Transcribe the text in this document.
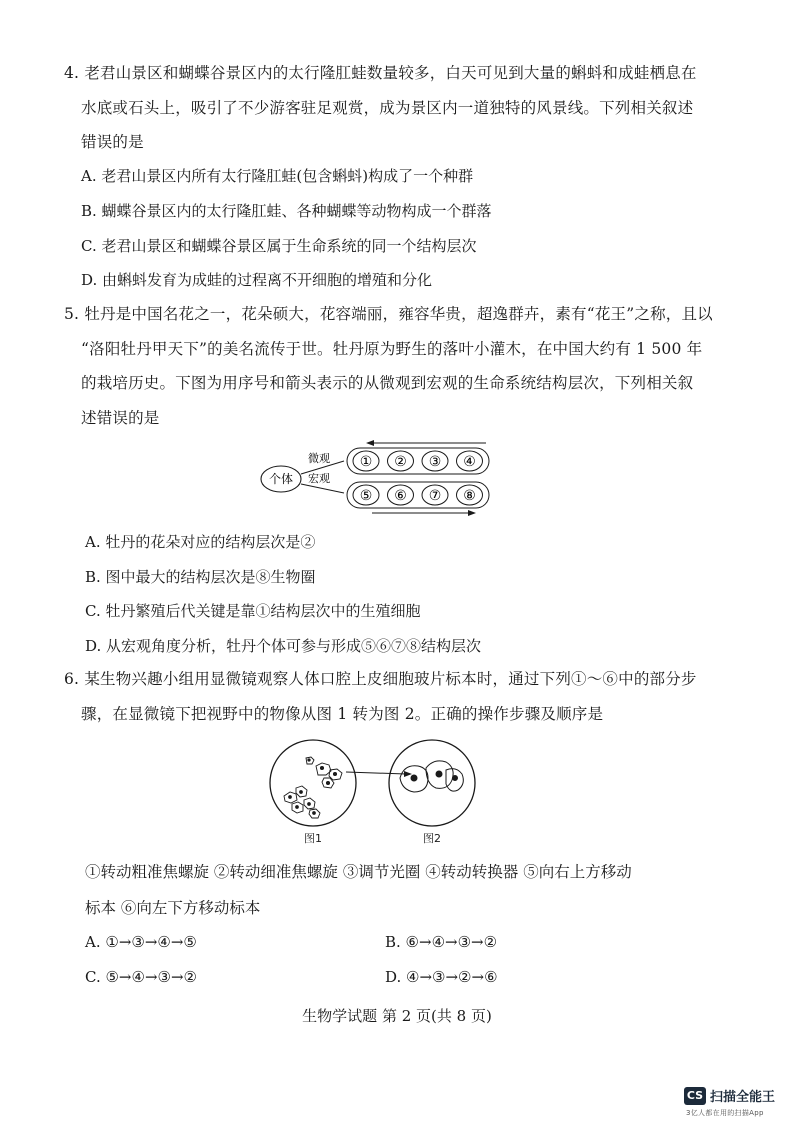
4. 老君山景区和蝴蝶谷景区内的太行隆肛蛙数量较多，白天可见到大量的蝌蚪和成蛙栖息在
水底或石头上，吸引了不少游客驻足观赏，成为景区内一道独特的风景线。下列相关叙述
错误的是
A. 老君山景区内所有太行隆肛蛙(包含蝌蚪)构成了一个种群
B. 蝴蝶谷景区内的太行隆肛蛙、各种蝴蝶等动物构成一个群落
C. 老君山景区和蝴蝶谷景区属于生命系统的同一个结构层次
D. 由蝌蚪发育为成蛙的过程离不开细胞的增殖和分化
5. 牡丹是中国名花之一，花朵硕大，花容端丽，雍容华贵，超逸群卉，素有“花王”之称，且以
“洛阳牡丹甲天下”的美名流传于世。牡丹原为野生的落叶小灌木，在中国大约有 1 500 年
的栽培历史。下图为用序号和箭头表示的从微观到宏观的生命系统结构层次，下列相关叙
述错误的是
个体
微观
宏观
① ② ③ ④
⑤ ⑥ ⑦ ⑧
A. 牡丹的花朵对应的结构层次是②
B. 图中最大的结构层次是⑧生物圈
C. 牡丹繁殖后代关键是靠①结构层次中的生殖细胞
D. 从宏观角度分析，牡丹个体可参与形成⑤⑥⑦⑧结构层次
6. 某生物兴趣小组用显微镜观察人体口腔上皮细胞玻片标本时，通过下列①～⑥中的部分步
骤，在显微镜下把视野中的物像从图 1 转为图 2。正确的操作步骤及顺序是
图1	图2
①转动粗准焦螺旋 ②转动细准焦螺旋 ③调节光圈 ④转动转换器 ⑤向右上方移动
标本 ⑥向左下方移动标本
A. ①→③→④→⑤	B. ⑥→④→③→②
C. ⑤→④→③→②	D. ④→③→②→⑥
生物学试题 第 2 页(共 8 页)
CS 扫描全能王
3亿人都在用的扫描App
